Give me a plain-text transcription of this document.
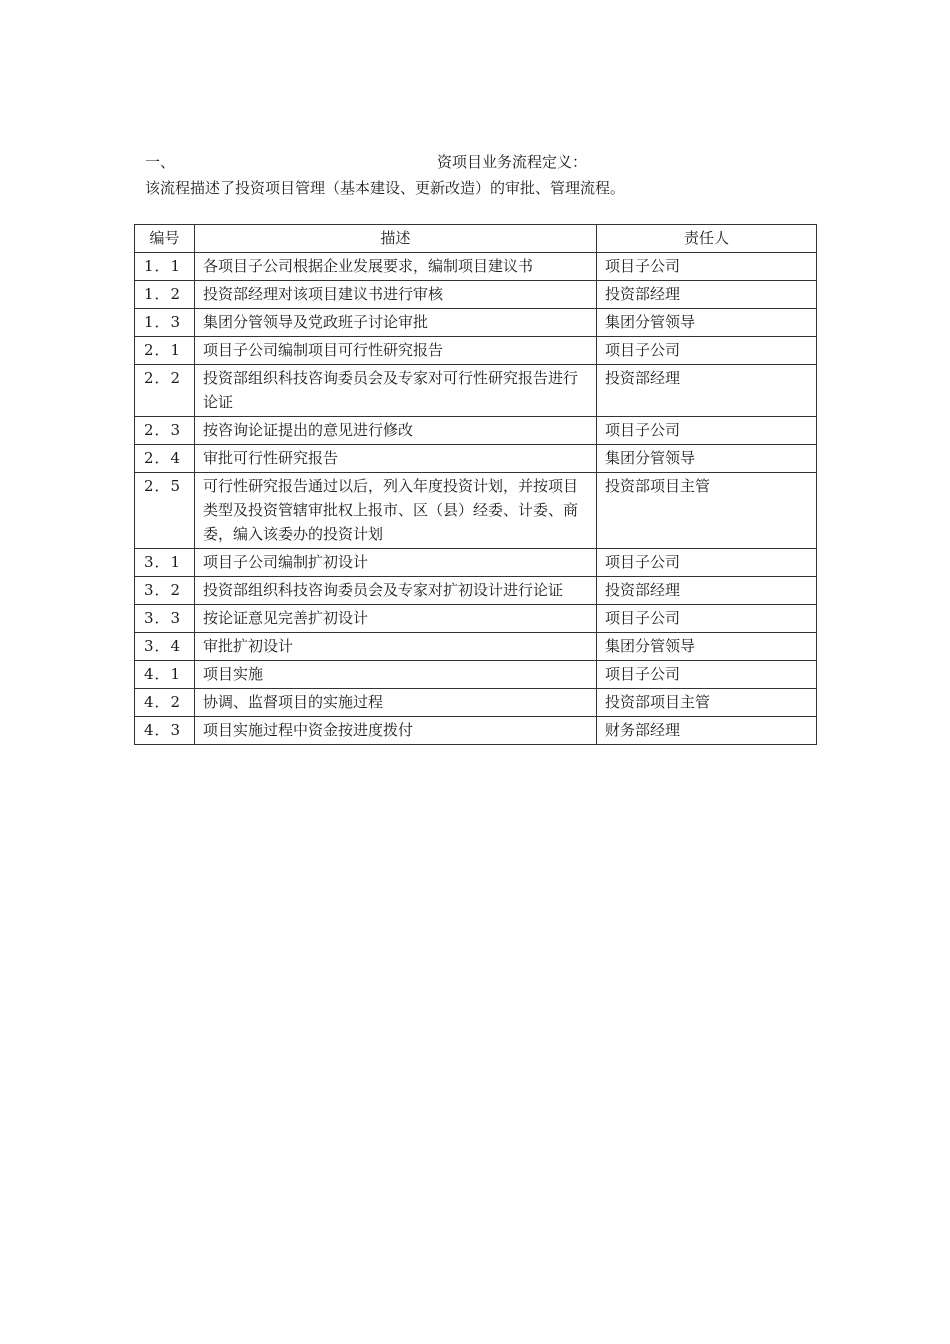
一、	资项目业务流程定义：
该流程描述了投资项目管理（基本建设、更新改造）的审批、管理流程。
编号	描述	责任人
1．1	各项目子公司根据企业发展要求，编制项目建议书	项目子公司
1．2	投资部经理对该项目建议书进行审核	投资部经理
1．3	集团分管领导及党政班子讨论审批	集团分管领导
2．1	项目子公司编制项目可行性研究报告	项目子公司
2．2	投资部组织科技咨询委员会及专家对可行性研究报告进行论证	投资部经理
2．3	按咨询论证提出的意见进行修改	项目子公司
2．4	审批可行性研究报告	集团分管领导
2．5	可行性研究报告通过以后，列入年度投资计划，并按项目类型及投资管辖审批权上报市、区（县）经委、计委、商委，编入该委办的投资计划	投资部项目主管
3．1	项目子公司编制扩初设计	项目子公司
3．2	投资部组织科技咨询委员会及专家对扩初设计进行论证	投资部经理
3．3	按论证意见完善扩初设计	项目子公司
3．4	审批扩初设计	集团分管领导
4．1	项目实施	项目子公司
4．2	协调、监督项目的实施过程	投资部项目主管
4．3	项目实施过程中资金按进度拨付	财务部经理
